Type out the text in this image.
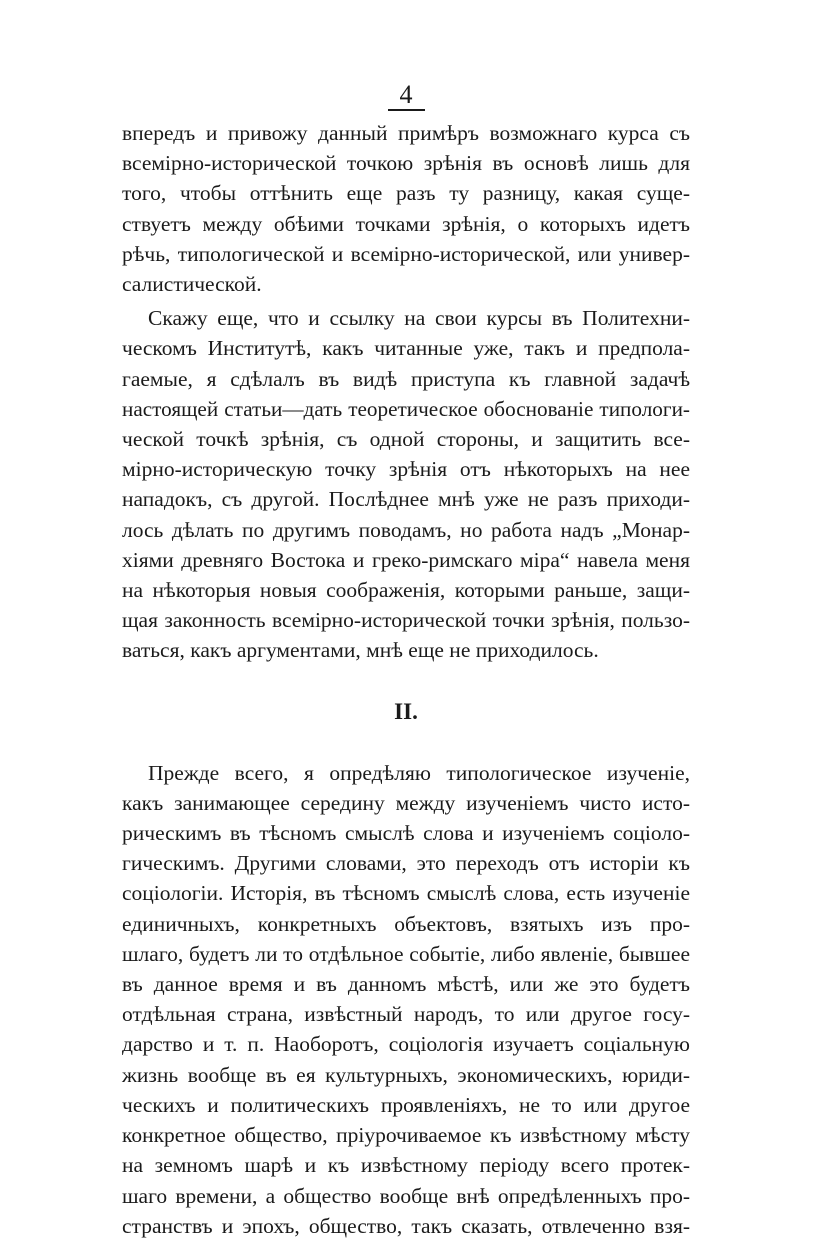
4

впередъ и привожу данный примѣръ возможнаго курса съ
всемірно-исторической точкою зрѣнія въ основѣ лишь для
того, чтобы оттѣнить еще разъ ту разницу, какая суще-
ствуетъ между обѣими точками зрѣнія, о которыхъ идетъ
рѣчь, типологической и всемірно-исторической, или универ-
салистической.
Скажу еще, что и ссылку на свои курсы въ Политехни-
ческомъ Институтѣ, какъ читанные уже, такъ и предпола-
гаемые, я сдѣлалъ въ видѣ приступа къ главной задачѣ
настоящей статьи—дать теоретическое обоснованіе типологи-
ческой точкѣ зрѣнія, съ одной стороны, и защитить все-
мірно-историческую точку зрѣнія отъ нѣкоторыхъ на нее
нападокъ, съ другой. Послѣднее мнѣ уже не разъ приходи-
лось дѣлать по другимъ поводамъ, но работа надъ „Монар-
хіями древняго Востока и греко-римскаго міра“ навела меня
на нѣкоторыя новыя соображенія, которыми раньше, защи-
щая законность всемірно-исторической точки зрѣнія, пользо-
ваться, какъ аргументами, мнѣ еще не приходилось.
II.
Прежде всего, я опредѣляю типологическое изученіе,
какъ занимающее середину между изученіемъ чисто исто-
рическимъ въ тѣсномъ смыслѣ слова и изученіемъ соціоло-
гическимъ. Другими словами, это переходъ отъ исторіи къ
соціологіи. Исторія, въ тѣсномъ смыслѣ слова, есть изученіе
единичныхъ, конкретныхъ объектовъ, взятыхъ изъ про-
шлаго, будетъ ли то отдѣльное событіе, либо явленіе, бывшее
въ данное время и въ данномъ мѣстѣ, или же это будетъ
отдѣльная страна, извѣстный народъ, то или другое госу-
дарство и т. п. Наоборотъ, соціологія изучаетъ соціальную
жизнь вообще въ ея культурныхъ, экономическихъ, юриди-
ческихъ и политическихъ проявленіяхъ, не то или другое
конкретное общество, пріурочиваемое къ извѣстному мѣсту
на земномъ шарѣ и къ извѣстному періоду всего протек-
шаго времени, а общество вообще внѣ опредѣленныхъ про-
странствъ и эпохъ, общество, такъ сказать, отвлеченно взя-
